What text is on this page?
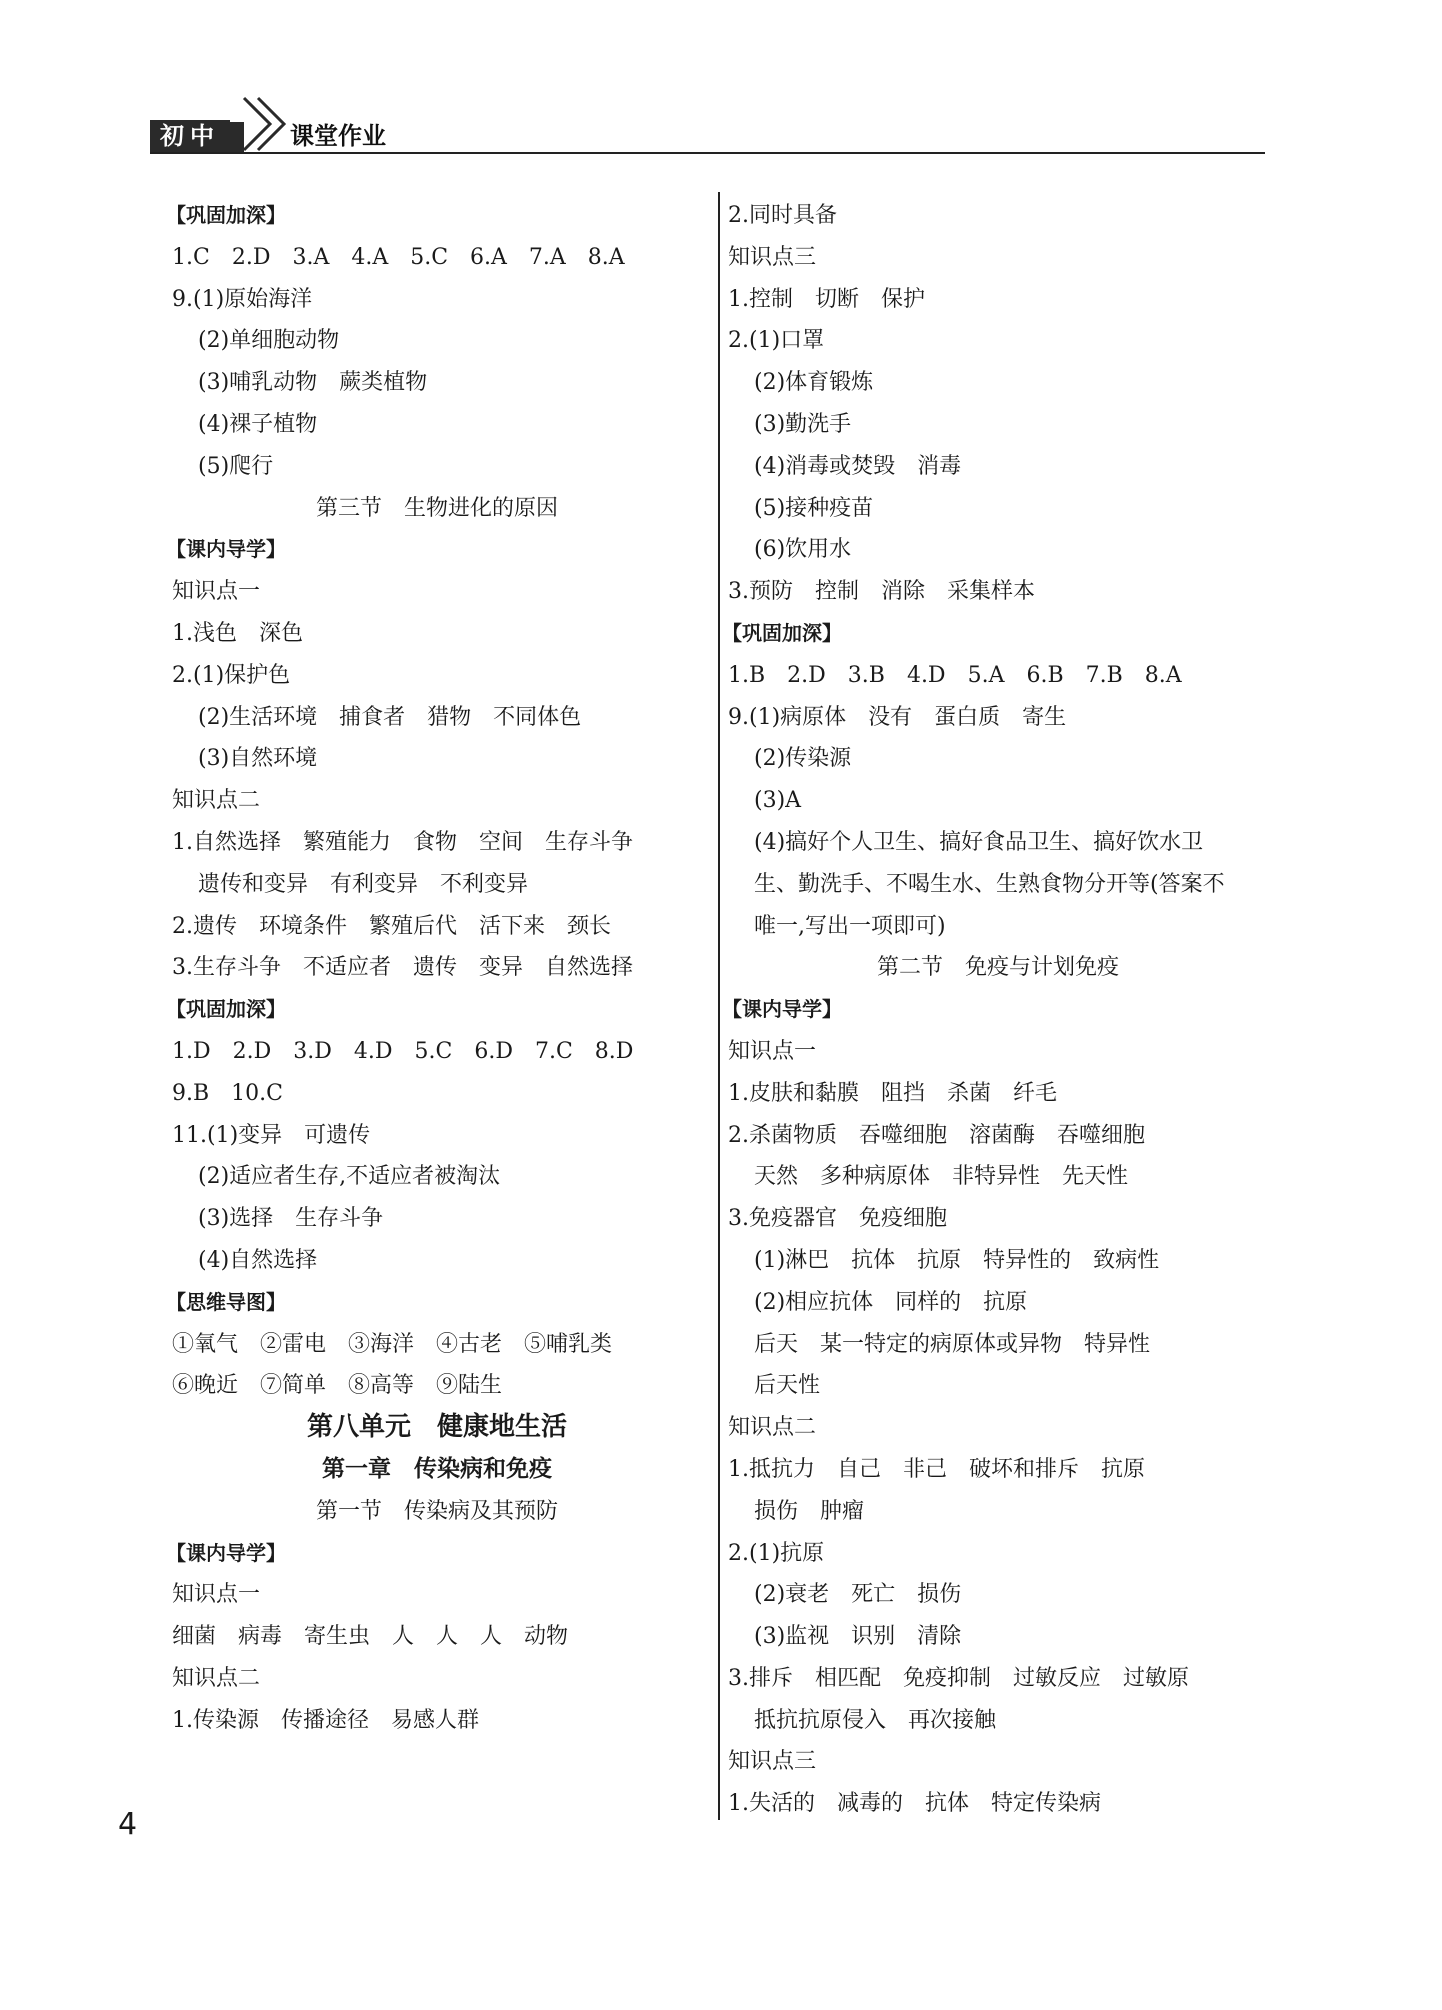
初中	课堂作业
【巩固加深】
1.C　2.D　3.A　4.A　5.C　6.A　7.A　8.A
9.(1)原始海洋
(2)单细胞动物
(3)哺乳动物　蕨类植物
(4)裸子植物
(5)爬行
第三节　生物进化的原因
【课内导学】
知识点一
1.浅色　深色
2.(1)保护色
(2)生活环境　捕食者　猎物　不同体色
(3)自然环境
知识点二
1.自然选择　繁殖能力　食物　空间　生存斗争
遗传和变异　有利变异　不利变异
2.遗传　环境条件　繁殖后代　活下来　颈长
3.生存斗争　不适应者　遗传　变异　自然选择
【巩固加深】
1.D　2.D　3.D　4.D　5.C　6.D　7.C　8.D
9.B　10.C
11.(1)变异　可遗传
(2)适应者生存,不适应者被淘汰
(3)选择　生存斗争
(4)自然选择
【思维导图】
①氧气　②雷电　③海洋　④古老　⑤哺乳类
⑥晚近　⑦简单　⑧高等　⑨陆生
第八单元　健康地生活
第一章　传染病和免疫
第一节　传染病及其预防
【课内导学】
知识点一
细菌　病毒　寄生虫　人　人　人　动物
知识点二
1.传染源　传播途径　易感人群
2.同时具备
知识点三
1.控制　切断　保护
2.(1)口罩
(2)体育锻炼
(3)勤洗手
(4)消毒或焚毁　消毒
(5)接种疫苗
(6)饮用水
3.预防　控制　消除　采集样本
【巩固加深】
1.B　2.D　3.B　4.D　5.A　6.B　7.B　8.A
9.(1)病原体　没有　蛋白质　寄生
(2)传染源
(3)A
(4)搞好个人卫生、搞好食品卫生、搞好饮水卫
生、勤洗手、不喝生水、生熟食物分开等(答案不
唯一,写出一项即可)
第二节　免疫与计划免疫
【课内导学】
知识点一
1.皮肤和黏膜　阻挡　杀菌　纤毛
2.杀菌物质　吞噬细胞　溶菌酶　吞噬细胞
天然　多种病原体　非特异性　先天性
3.免疫器官　免疫细胞
(1)淋巴　抗体　抗原　特异性的　致病性
(2)相应抗体　同样的　抗原
后天　某一特定的病原体或异物　特异性
后天性
知识点二
1.抵抗力　自己　非己　破坏和排斥　抗原
损伤　肿瘤
2.(1)抗原
(2)衰老　死亡　损伤
(3)监视　识别　清除
3.排斥　相匹配　免疫抑制　过敏反应　过敏原
抵抗抗原侵入　再次接触
知识点三
1.失活的　减毒的　抗体　特定传染病
4
